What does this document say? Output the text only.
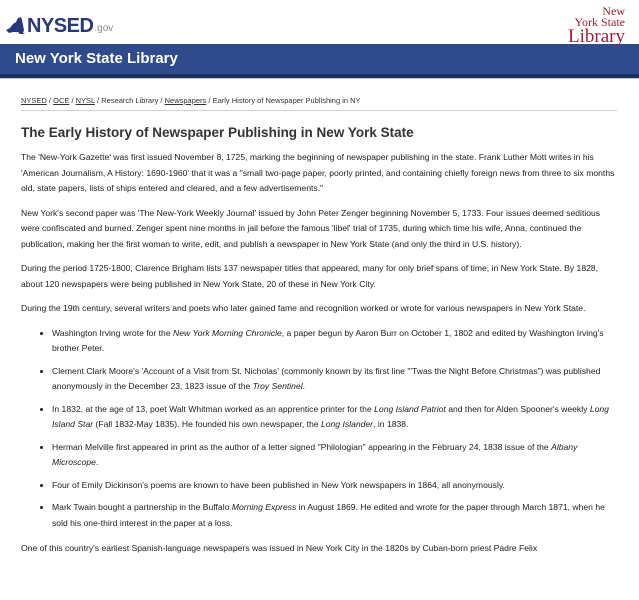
NYSED .gov
New
York State
Library
New York State Library
NYSED / OCE / NYSL / Research Library / Newspapers / Early History of Newspaper Publishing in NY
The Early History of Newspaper Publishing in New York State

The 'New-York Gazette' was first issued November 8, 1725, marking the beginning of newspaper publishing in the state. Frank Luther Mott writes in his 'American Journalism, A History: 1690-1960' that it was a "small two-page paper, poorly printed, and containing chiefly foreign news from three to six months old, state papers, lists of ships entered and cleared, and a few advertisements."

New York's second paper was 'The New-York Weekly Journal' issued by John Peter Zenger beginning November 5, 1733. Four issues deemed seditious were confiscated and burned. Zenger spent nine months in jail before the famous 'libel' trial of 1735, during which time his wife, Anna, continued the publication, making her the first woman to write, edit, and publish a newspaper in New York State (and only the third in U.S. history).

During the period 1725-1800, Clarence Brigham lists 137 newspaper titles that appeared, many for only brief spans of time, in New York State. By 1828, about 120 newspapers were being published in New York State, 20 of these in New York City.

During the 19th century, several writers and poets who later gained fame and recognition worked or wrote for various newspapers in New York State.

• Washington Irving wrote for the New York Morning Chronicle, a paper begun by Aaron Burr on October 1, 1802 and edited by Washington Irving's brother Peter.
• Clement Clark Moore's 'Account of a Visit from St. Nicholas' (commonly known by its first line "'Twas the Night Before Christmas") was published anonymously in the December 23, 1823 issue of the Troy Sentinel.
• In 1832, at the age of 13, poet Walt Whitman worked as an apprentice printer for the Long Island Patriot and then for Alden Spooner's weekly Long Island Star (Fall 1832-May 1835). He founded his own newspaper, the Long Islander, in 1838.
• Herman Melville first appeared in print as the author of a letter signed "Philologian" appearing in the February 24, 1838 issue of the Albany Microscope.
• Four of Emily Dickinson's poems are known to have been published in New York newspapers in 1864, all anonymously.
• Mark Twain bought a partnership in the Buffalo Morning Express in August 1869. He edited and wrote for the paper through March 1871, when he sold his one-third interest in the paper at a loss.

One of this country's earliest Spanish-language newspapers was issued in New York City in the 1820s by Cuban-born priest Padre Felix
